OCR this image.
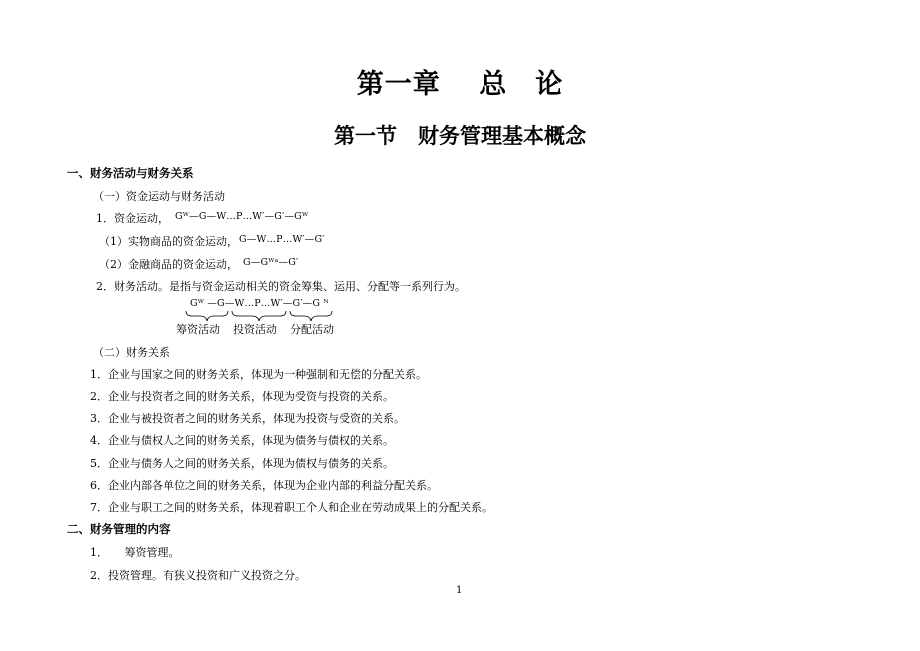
第一章　 总　论
第一节　财务管理基本概念
一、财务活动与财务关系
（一）资金运动与财务活动
1．资金运动， Gᵂ—G—W…P…W′—G′—Gᵂ
（1）实物商品的资金运动， G—W…P…W′—G′
（2）金融商品的资金运动， G—Gᵂᵃ—G′
2．财务活动。是指与资金运动相关的资金筹集、运用、分配等一系列行为。
Gᵂ —G—W…P…W′—G′—G ᴺ
筹资活动 投资活动 分配活动
（二）财务关系
1．企业与国家之间的财务关系，体现为一种强制和无偿的分配关系。
2．企业与投资者之间的财务关系，体现为受资与投资的关系。
3．企业与被投资者之间的财务关系，体现为投资与受资的关系。
4．企业与债权人之间的财务关系，体现为债务与债权的关系。
5．企业与债务人之间的财务关系，体现为债权与债务的关系。
6．企业内部各单位之间的财务关系，体现为企业内部的利益分配关系。
7．企业与职工之间的财务关系，体现着职工个人和企业在劳动成果上的分配关系。
二、财务管理的内容
1．　　筹资管理。
2．投资管理。有狭义投资和广义投资之分。
1
